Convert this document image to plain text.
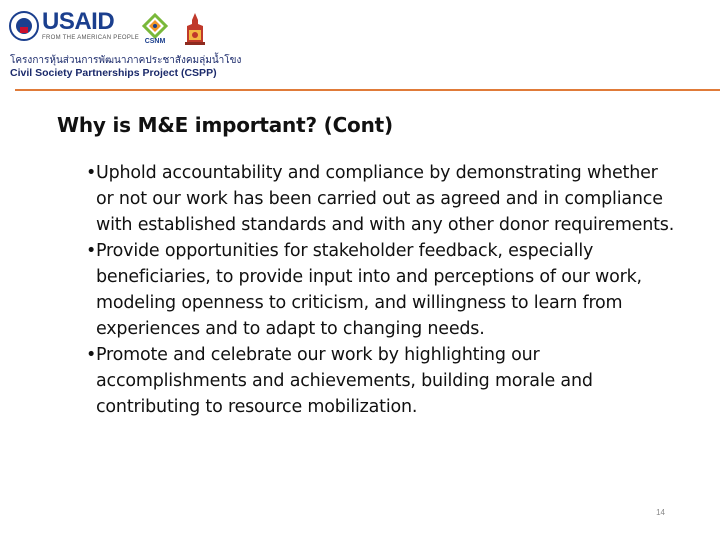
USAID
FROM THE AMERICAN PEOPLE CSNM
โครงการหุ้นส่วนการพัฒนาภาคประชาสังคมลุ่มน้ำโขง
Civil Society Partnerships Project (CSPP)
Why is M&E important? (Cont)
• Uphold accountability and compliance by demonstrating whether or not our work has been carried out as agreed and in compliance with established standards and with any other donor requirements.
• Provide opportunities for stakeholder feedback, especially beneficiaries, to provide input into and perceptions of our work, modeling openness to criticism, and willingness to learn from experiences and to adapt to changing needs.
• Promote and celebrate our work by highlighting our accomplishments and achievements, building morale and contributing to resource mobilization.
14
